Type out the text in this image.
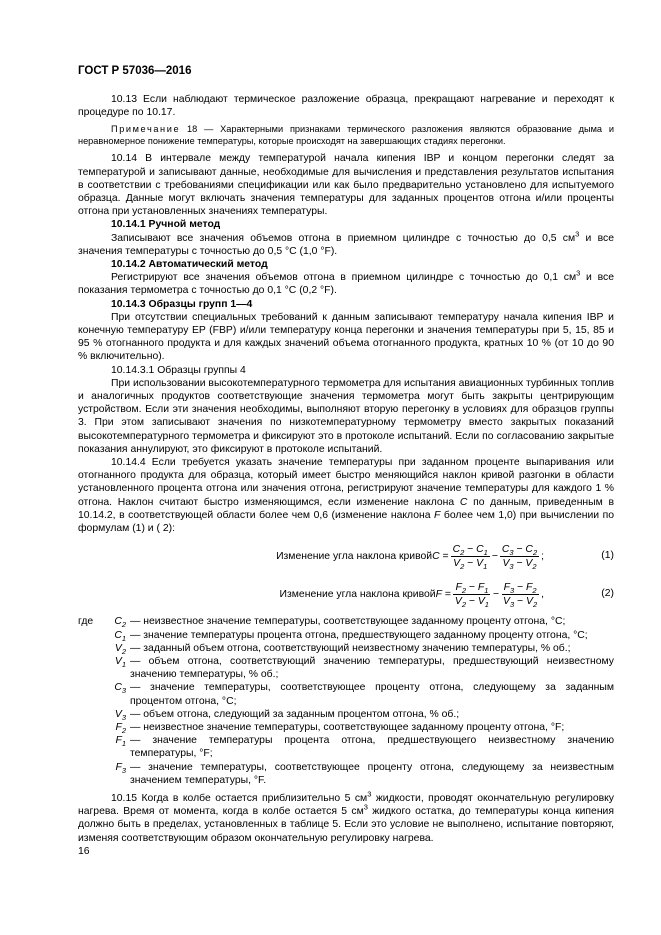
ГОСТ Р 57036—2016

10.13 Если наблюдают термическое разложение образца, прекращают нагревание и переходят к процедуре по 10.17.

Примечание 18 — Характерными признаками термического разложения являются образование дыма и неравномерное понижение температуры, которые происходят на завершающих стадиях перегонки.

10.14 В интервале между температурой начала кипения IBP и концом перегонки следят за температурой и записывают данные, необходимые для вычисления и представления результатов испытания в соответствии с требованиями спецификации или как было предварительно установлено для испытуемого образца. Данные могут включать значения температуры для заданных процентов отгона и/или проценты отгона при установленных значениях температуры.

10.14.1 Ручной метод

Записывают все значения объемов отгона в приемном цилиндре с точностью до 0,5 $см^3$ и все значения температуры с точностью до 0,5 °С (1,0 °F).

10.14.2 Автоматический метод

Регистрируют все значения объемов отгона в приемном цилиндре с точностью до 0,1 $см^3$ и все показания термометра с точностью до 0,1 °С (0,2 °F).

10.14.3 Образцы групп 1—4

При отсутствии специальных требований к данным записывают температуру начала кипения IBP и конечную температуру EP (FBP) и/или температуру конца перегонки и значения температуры при 5, 15, 85 и 95 % отогнанного продукта и для каждых значений объема отогнанного продукта, кратных 10 % (от 10 до 90 % включительно).

10.14.3.1 Образцы группы 4

При использовании высокотемпературного термометра для испытания авиационных турбинных топлив и аналогичных продуктов соответствующие значения термометра могут быть закрыты центрирующим устройством. Если эти значения необходимы, выполняют вторую перегонку в условиях для образцов группы 3. При этом записывают значения по низкотемпературному термометру вместо закрытых показаний высокотемпературного термометра и фиксируют это в протоколе испытаний. Если по согласованию закрытые показания аннулируют, это фиксируют в протоколе испытаний.

10.14.4 Если требуется указать значение температуры при заданном проценте выпаривания или отогнанного продукта для образца, который имеет быстро меняющийся наклон кривой разгонки в области установленного процента отгона или значения отгона, регистрируют значение температуры для каждого 1 % отгона. Наклон считают быстро изменяющимся, если изменение наклона С по данным, приведенным в 10.14.2, в соответствующей области более чем 0,6 (изменение наклона F более чем 1,0) при вычислении по формулам (1) и ( 2):

Изменение угла наклона кривой $С = \frac{С_2 - С_1}{V_2 - V_1} - \frac{С_3 - С_2}{V_3 - V_2}$ ;	(1)
Изменение угла наклона кривой $F = \frac{F_2 - F_1}{V_2 - V_1} - \frac{F_3 - F_2}{V_3 - V_2}$ ,	(2)
где $C_2$ — неизвестное значение температуры, соответствующее заданному проценту отгона, °С;
$C_1$ — значение температуры процента отгона, предшествующего заданному проценту отгона, °С;
$V_2$ — заданный объем отгона, соответствующий неизвестному значению температуры, % об.;
$V_1$ — объем отгона, соответствующий значению температуры, предшествующий неизвестному значению температуры, % об.;
$C_3$ — значение температуры, соответствующее проценту отгона, следующему за заданным процентом отгона, °С;
$V_3$ — объем отгона, следующий за заданным процентом отгона, % об.;
$F_2$ — неизвестное значение температуры, соответствующее заданному проценту отгона, °F;
$F_1$ — значение температуры процента отгона, предшествующего неизвестному значению температуры, °F;
$F_3$ — значение температуры, соответствующее проценту отгона, следующему за неизвестным значением температуры, °F.

10.15 Когда в колбе остается приблизительно 5 $см^3$ жидкости, проводят окончательную регулировку нагрева. Время от момента, когда в колбе остается 5 $см^3$ жидкого остатка, до температуры конца кипения должно быть в пределах, установленных в таблице 5. Если это условие не выполнено, испытание повторяют, изменяя соответствующим образом окончательную регулировку нагрева.

16
